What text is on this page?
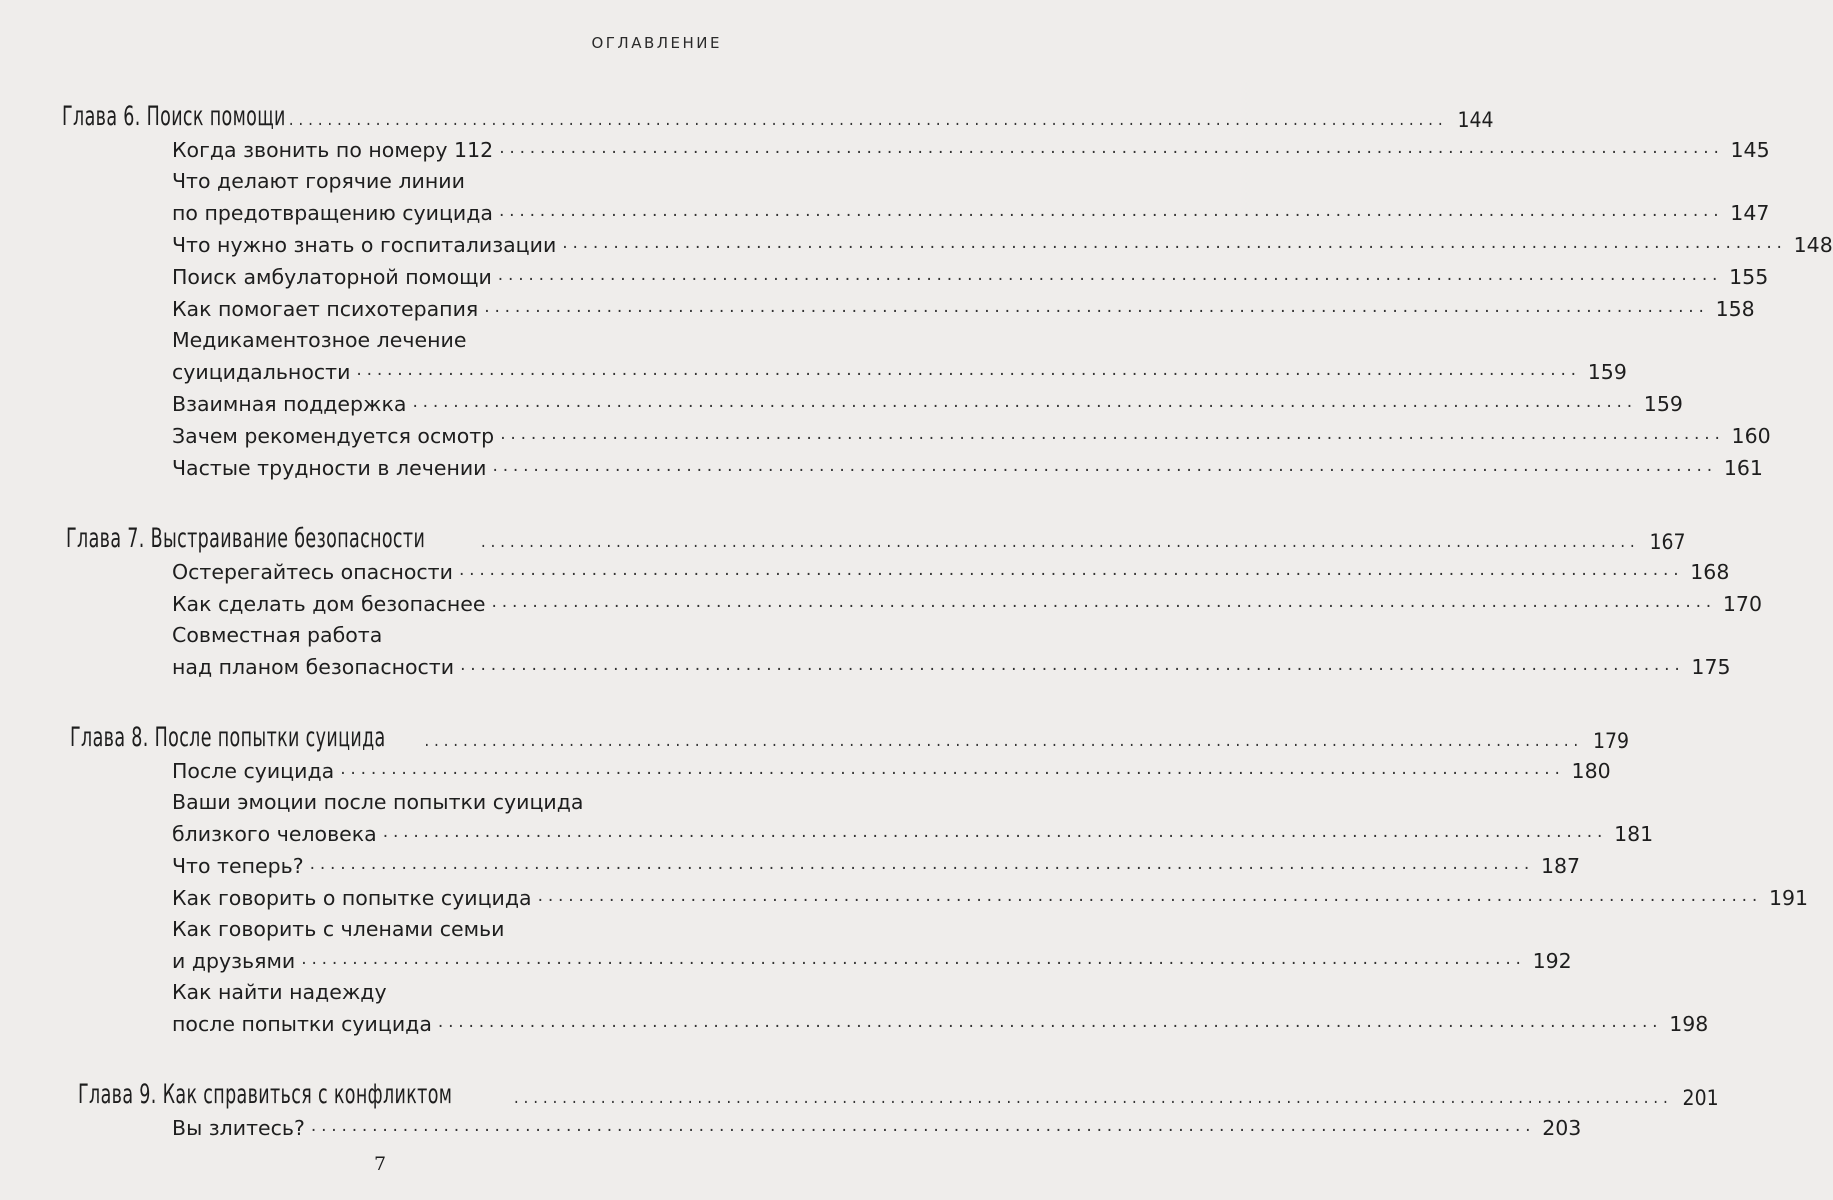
ОГЛАВЛЕНИЕ
Глава 6. Поиск помощи ........................................................................................................................ 144
Когда звонить по номеру 112 ........................................................................................................................ 145
Что делают горячие линии
по предотвращению суицида ........................................................................................................................ 147
Что нужно знать о госпитализации ........................................................................................................................ 148
Поиск амбулаторной помощи ........................................................................................................................ 155
Как помогает психотерапия ........................................................................................................................ 158
Медикаментозное лечение
суицидальности ........................................................................................................................ 159
Взаимная поддержка ........................................................................................................................ 159
Зачем рекомендуется осмотр ........................................................................................................................ 160
Частые трудности в лечении ........................................................................................................................ 161
Глава 7. Выстраивание безопасности	........................................................................................................................ 167
Остерегайтесь опасности ........................................................................................................................ 168
Как сделать дом безопаснее ........................................................................................................................ 170
Совместная работа
над планом безопасности ........................................................................................................................ 175
Глава 8. После попытки суицида ........................................................................................................................ 179
После суицида ........................................................................................................................ 180
Ваши эмоции после попытки суицида
близкого человека ........................................................................................................................ 181
Что теперь? ........................................................................................................................ 187
Как говорить о попытке суицида ........................................................................................................................ 191
Как говорить с членами семьи
и друзьями ........................................................................................................................ 192
Как найти надежду
после попытки суицида ........................................................................................................................ 198
Глава 9. Как справиться с конфликтом	........................................................................................................................ 201
Вы злитесь? ........................................................................................................................ 203
7
